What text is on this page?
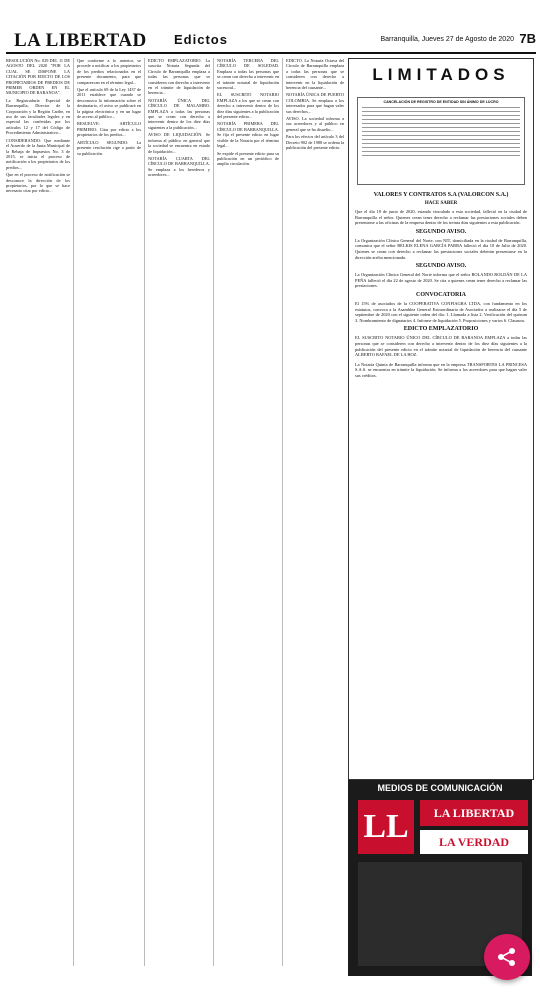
LA LIBERTAD Edictos	Barranquilla, Jueves 27 de Agosto de 2020 7B

RESOLUCIÓN No. 029 DEL 11 DE AGOSTO DEL 2020 "POR LA CUAL SE DISPONE LA CITACIÓN POR EDICTO DE LOS PROPIETARIOS DE PREDIOS DE PRIMER ORDEN EN EL MUNICIPIO DE BARANOA".

La Registraduría Especial de Barranquilla, Director de la Corporación y la Región Caribe, en uso de sus facultades legales y en especial las conferidas por los artículos 12 y 17 del Código de Procedimiento Administrativo...

CONSIDERANDO: Que mediante el Acuerdo de la Junta Municipal de la Rebaja de Impuestos No. 3 de 2015, se inicia el proceso de notificación a los propietarios de los predios...

Que en el proceso de notificación se desconoce la dirección de los propietarios, por lo que se hace necesario citar por edicto...

Que conforme a lo anterior, se procede a notificar a los propietarios de los predios relacionados en el presente documento, para que comparezcan en el término legal...

Que el artículo 69 de la Ley 1437 de 2011 establece que cuando se desconozca la información sobre el destinatario, el aviso se publicará en la página electrónica y en un lugar de acceso al público...

RESUELVE: ARTÍCULO PRIMERO: Citar por edicto a los propietarios de los predios...

ARTÍCULO SEGUNDO: La presente resolución rige a partir de su publicación.

EDICTO EMPLAZATORIO. La suscrita Notaria Segunda del Círculo de Barranquilla emplaza a todas las personas que se consideren con derecho a intervenir en el trámite de liquidación de herencia...

NOTARÍA ÚNICA DEL CÍRCULO DE MALAMBO. EMPLAZA a todas las personas que se crean con derecho a intervenir dentro de los diez días siguientes a la publicación...

AVISO DE LIQUIDACIÓN. Se informa al público en general que la sociedad se encuentra en estado de liquidación...

NOTARÍA CUARTA DEL CÍRCULO DE BARRANQUILLA. Se emplaza a los herederos y acreedores...

NOTARÍA TERCERA DEL CÍRCULO DE SOLEDAD. Emplaza a todas las personas que se crean con derecho a intervenir en el trámite notarial de liquidación sucesoral...

EL SUSCRITO NOTARIO EMPLAZA a los que se crean con derecho a intervenir dentro de los diez días siguientes a la publicación del presente edicto...

NOTARÍA PRIMERA DEL CÍRCULO DE BARRANQUILLA. Se fija el presente edicto en lugar visible de la Notaría por el término legal...

Se expide el presente edicto para su publicación en un periódico de amplia circulación.

EDICTO. La Notaría Octava del Círculo de Barranquilla emplaza a todas las personas que se consideren con derecho a intervenir en la liquidación de herencia del causante...

NOTARÍA ÚNICA DE PUERTO COLOMBIA. Se emplaza a los interesados para que hagan valer sus derechos...

AVISO. La sociedad informa a sus acreedores y al público en general que se ha disuelto...

Para los efectos del artículo 3 del Decreto 902 de 1988 se ordena la publicación del presente edicto.

LIMITADOS
CANCELACIÓN DE REGISTRO DE ENTIDAD SIN ÁNIMO DE LUCRO
VALORES Y CONTRATOS S.A (VALORCON S.A.)
HACE SABER
Que el día 18 de junio de 2020, estando vinculado a esta sociedad, falleció en la ciudad de Barranquilla el señor. Quienes crean tener derecho a reclamar las prestaciones sociales deben presentarse a las oficinas de la empresa dentro de los treinta días siguientes a esta publicación.
SEGUNDO AVISO.
La Organización Clínica General del Norte, con NIT, domiciliada en la ciudad de Barranquilla, comunica que el señor BELKIS ELENA GARCÍA PARRA falleció el día 10 de Julio de 2020. Quienes se crean con derecho a reclamar las prestaciones sociales deberán presentarse en la dirección arriba mencionada.
SEGUNDO AVISO.
La Organización Clínica General del Norte informa que el señor ROLANDO ROLDÁN DE LA PEÑA falleció el día 22 de agosto de 2020. Se cita a quienes crean tener derecho a reclamar las prestaciones.
CONVOCATORIA
El 15% de asociados de la COOPERATIVA CONFIAGRA LTDA, con fundamento en los estatutos, convoca a la Asamblea General Extraordinaria de Asociados a realizarse el día 5 de septiembre de 2020 con el siguiente orden del día: 1. Llamada a lista 2. Verificación del quórum 3. Nombramiento de dignatarios 4. Informe de liquidación 5. Proposiciones y varios 6. Clausura.
EDICTO EMPLAZATORIO
EL SUSCRITO NOTARIO ÚNICO DEL CÍRCULO DE BARANOA EMPLAZA a todas las personas que se consideren con derecho a intervenir dentro de los diez días siguientes a la publicación del presente edicto en el trámite notarial de liquidación de herencia del causante ALBERTO RAFAEL DE LA HOZ.
La Notaría Quinta de Barranquilla informa que en la empresa TRANSPORTES LA PRINCESA S.A.S. se encuentra en trámite la liquidación. Se informa a los acreedores para que hagan valer sus créditos.
MEDIOS DE COMUNICACIÓN
LL	LA LIBERTAD
LA VERDAD
